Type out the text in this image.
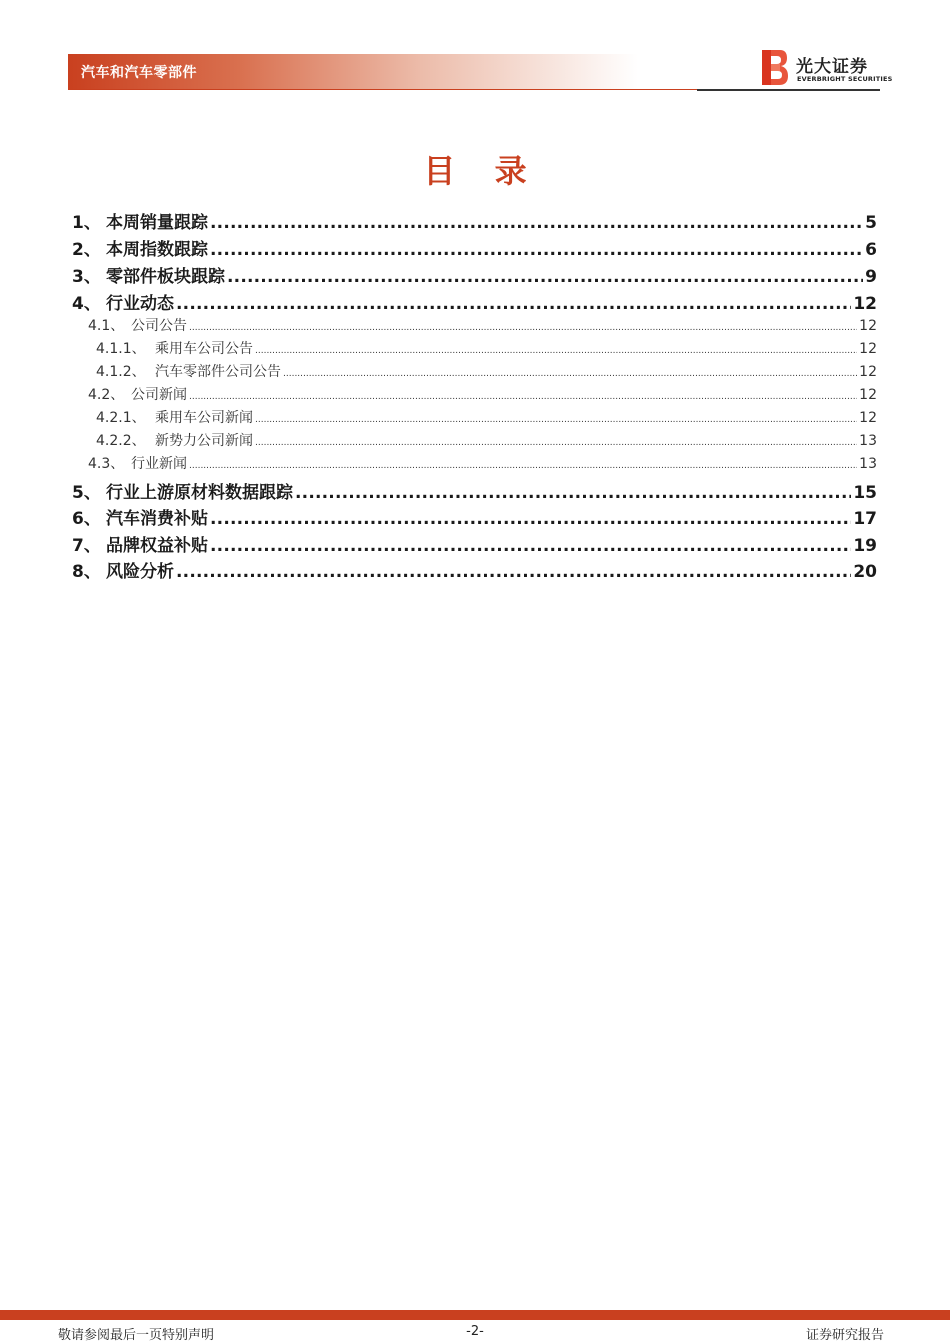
汽车和汽车零部件	光大证券
EVERBRIGHT SECURITIES
目 录
1、 本周销量跟踪 .....	5
2、 本周指数跟踪 .....	6
3、 零部件板块跟踪 .....	9
4、 行业动态 .....	12
4.1、 公司公告 .....	12
4.1.1、 乘用车公司公告 .....	12
4.1.2、 汽车零部件公司公告 .....	12
4.2、 公司新闻 .....	12
4.2.1、 乘用车公司新闻 .....	12
4.2.2、 新势力公司新闻 .....	13
4.3、 行业新闻 .....	13
5、 行业上游原材料数据跟踪 .....	15
6、 汽车消费补贴 .....	17
7、 品牌权益补贴 .....	19
8、 风险分析 .....	20
敬请参阅最后一页特别声明	-2-	证券研究报告
